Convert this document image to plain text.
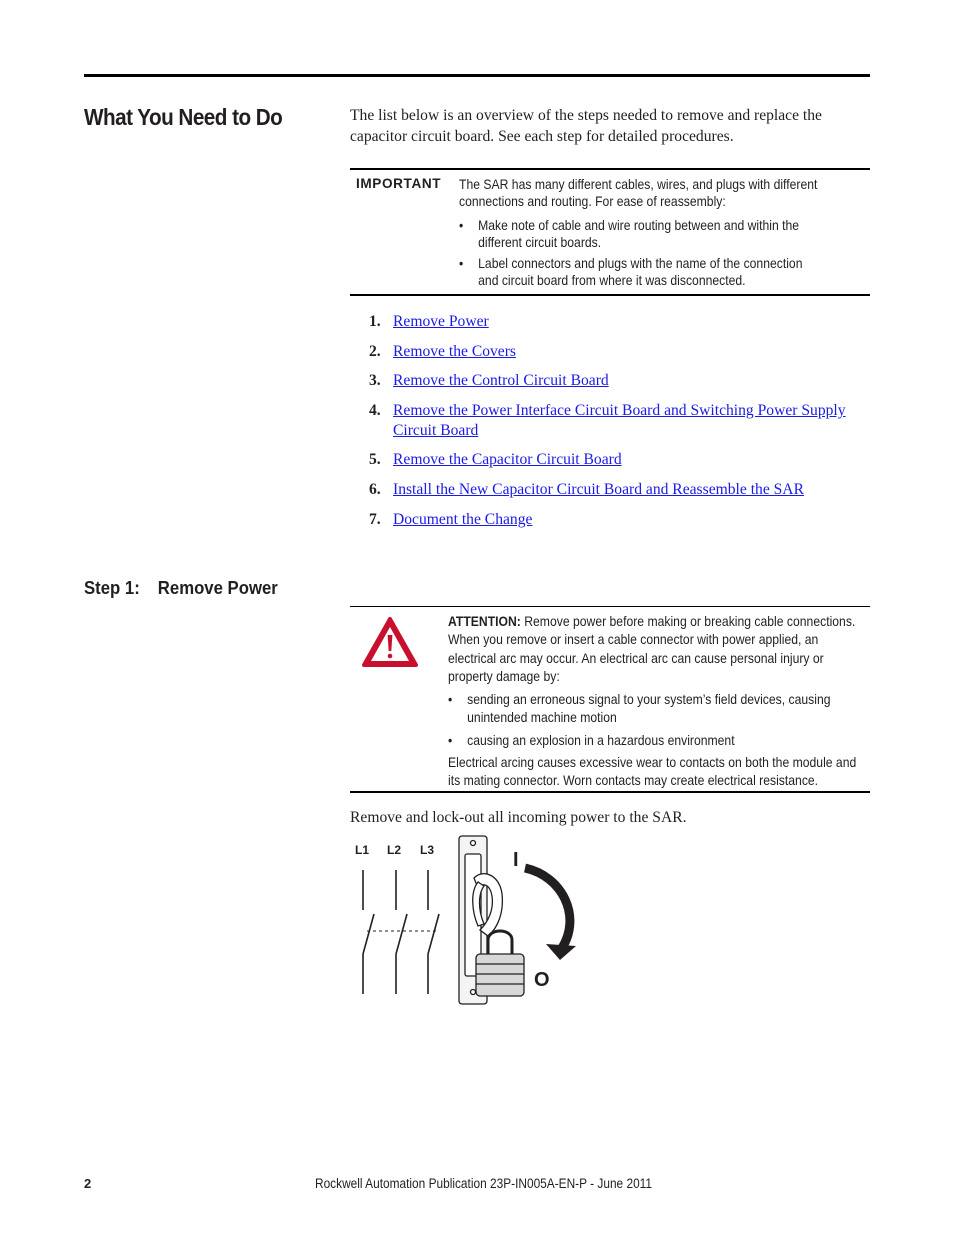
What You Need to Do	The list below is an overview of the steps needed to remove and replace the capacitor circuit board. See each step for detailed procedures.

IMPORTANT The SAR has many different cables, wires, and plugs with different connections and routing. For ease of reassembly:

• Make note of cable and wire routing between and within the different circuit boards.
• Label connectors and plugs with the name of the connection and circuit board from where it was disconnected.
1. Remove Power
2. Remove the Covers
3. Remove the Control Circuit Board
4. Remove the Power Interface Circuit Board and Switching Power Supply Circuit Board
5. Remove the Capacitor Circuit Board
6. Install the New Capacitor Circuit Board and Reassemble the SAR
7. Document the Change
Step 1: Remove Power

ATTENTION: Remove power before making or breaking cable connections. When you remove or insert a cable connector with power applied, an electrical arc may occur. An electrical arc can cause personal injury or property damage by:

• sending an erroneous signal to your system’s field devices, causing unintended machine motion
• causing an explosion in a hazardous environment

Electrical arcing causes excessive wear to contacts on both the module and its mating connector. Worn contacts may create electrical resistance.

Remove and lock-out all incoming power to the SAR.

L1 L2 L3	I
O
2	Rockwell Automation Publication 23P-IN005A-EN-P - June 2011
